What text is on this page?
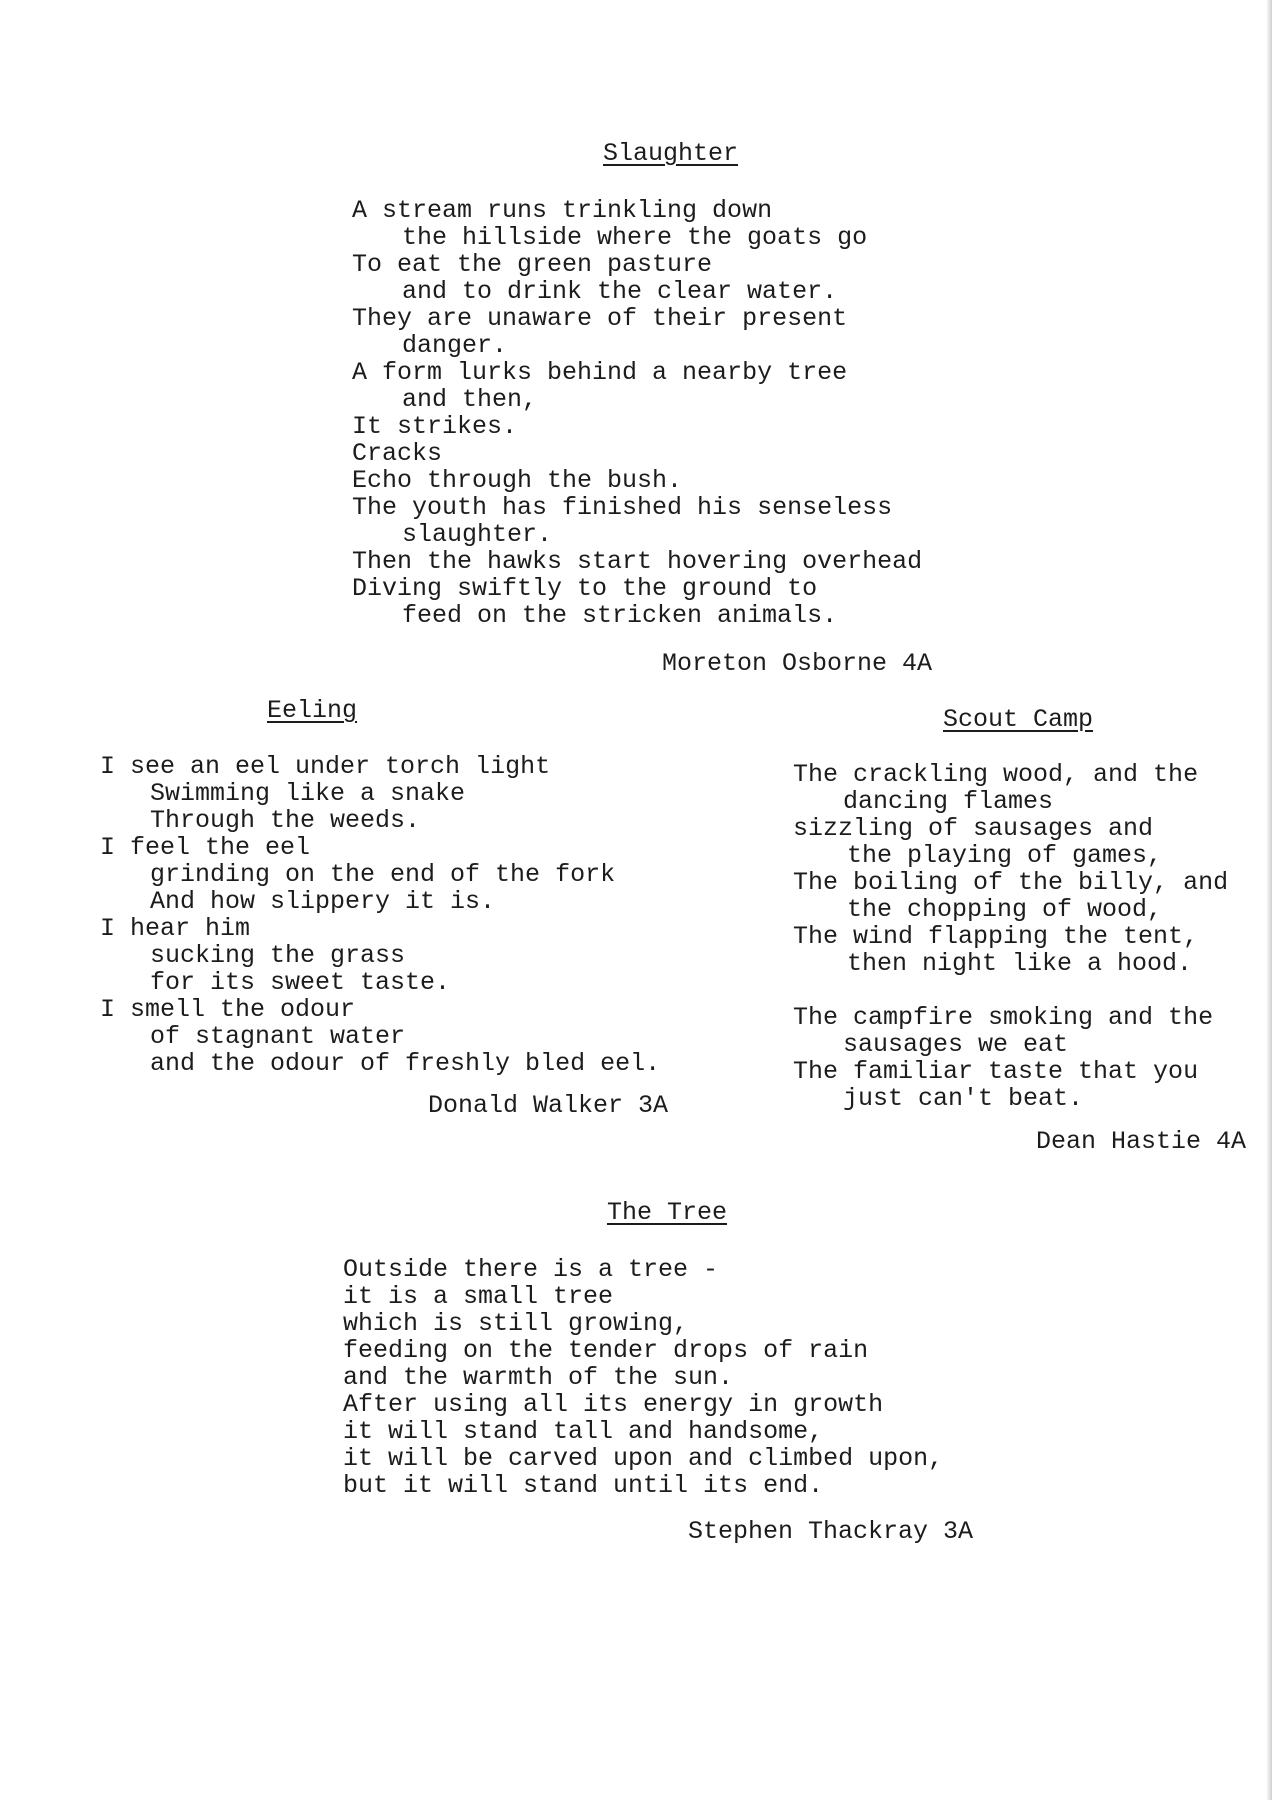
Slaughter
A stream runs trinkling down
the hillside where the goats go
To eat the green pasture
and to drink the clear water.
They are unaware of their present
danger.
A form lurks behind a nearby tree
and then,
It strikes.
Cracks
Echo through the bush.
The youth has finished his senseless
slaughter.
Then the hawks start hovering overhead
Diving swiftly to the ground to
feed on the stricken animals.
Moreton Osborne 4A
Eeling
I see an eel under torch light
Swimming like a snake
Through the weeds.
I feel the eel
grinding on the end of the fork
And how slippery it is.
I hear him
sucking the grass
for its sweet taste.
I smell the odour
of stagnant water
and the odour of freshly bled eel.
Donald Walker 3A
Scout Camp
The crackling wood, and the
dancing flames
sizzling of sausages and
the playing of games,
The boiling of the billy, and
the chopping of wood,
The wind flapping the tent,
then night like a hood.
The campfire smoking and the
sausages we eat
The familiar taste that you
just can't beat.
Dean Hastie 4A
The Tree
Outside there is a tree -
it is a small tree
which is still growing,
feeding on the tender drops of rain
and the warmth of the sun.
After using all its energy in growth
it will stand tall and handsome,
it will be carved upon and climbed upon,
but it will stand until its end.
Stephen Thackray 3A
